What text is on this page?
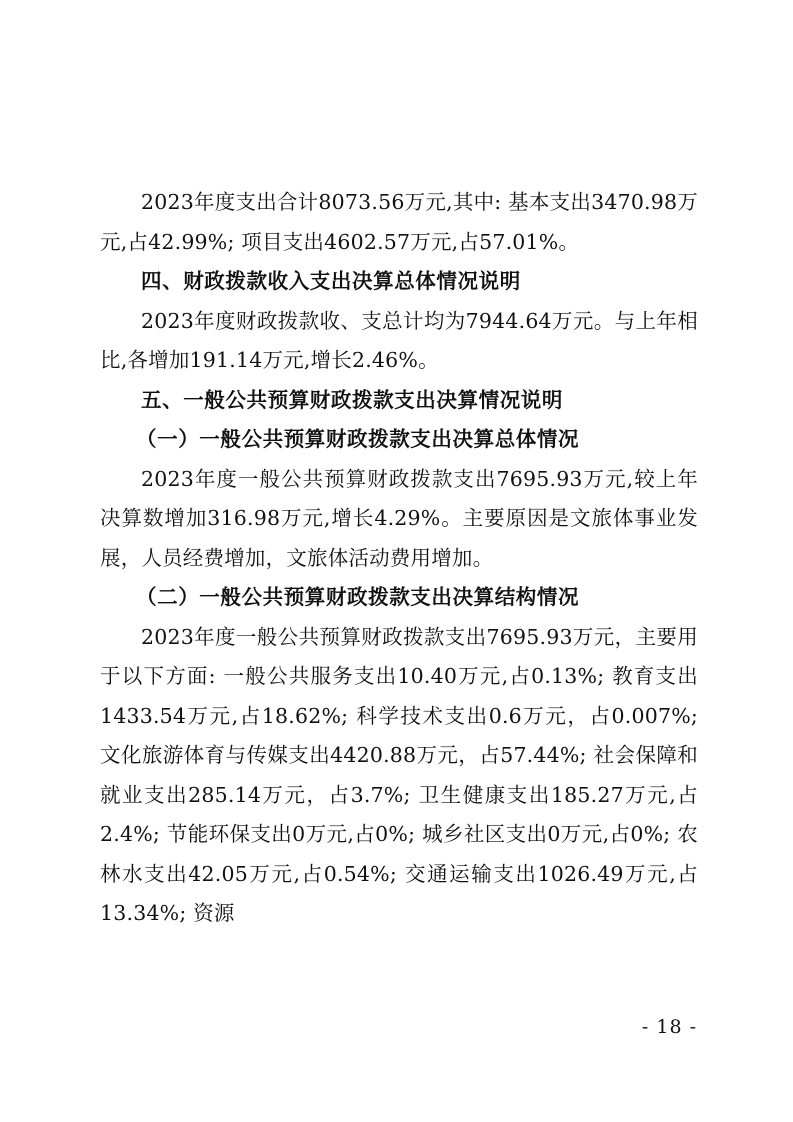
2023年度支出合计8073.56万元,其中: 基本支出3470.98万元,占42.99%; 项目支出4602.57万元,占57.01%。

四、财政拨款收入支出决算总体情况说明

2023年度财政拨款收、支总计均为7944.64万元。与上年相比,各增加191.14万元,增长2.46%。

五、一般公共预算财政拨款支出决算情况说明

（一）一般公共预算财政拨款支出决算总体情况

2023年度一般公共预算财政拨款支出7695.93万元,较上年决算数增加316.98万元,增长4.29%。主要原因是文旅体事业发展，人员经费增加，文旅体活动费用增加。

（二）一般公共预算财政拨款支出决算结构情况

2023年度一般公共预算财政拨款支出7695.93万元，主要用于以下方面: 一般公共服务支出10.40万元,占0.13%; 教育支出1433.54万元,占18.62%; 科学技术支出0.6万元，占0.007%; 文化旅游体育与传媒支出4420.88万元，占57.44%; 社会保障和就业支出285.14万元，占3.7%; 卫生健康支出185.27万元,占2.4%; 节能环保支出0万元,占0%; 城乡社区支出0万元,占0%; 农林水支出42.05万元,占0.54%; 交通运输支出1026.49万元,占13.34%; 资源

- 18 -
